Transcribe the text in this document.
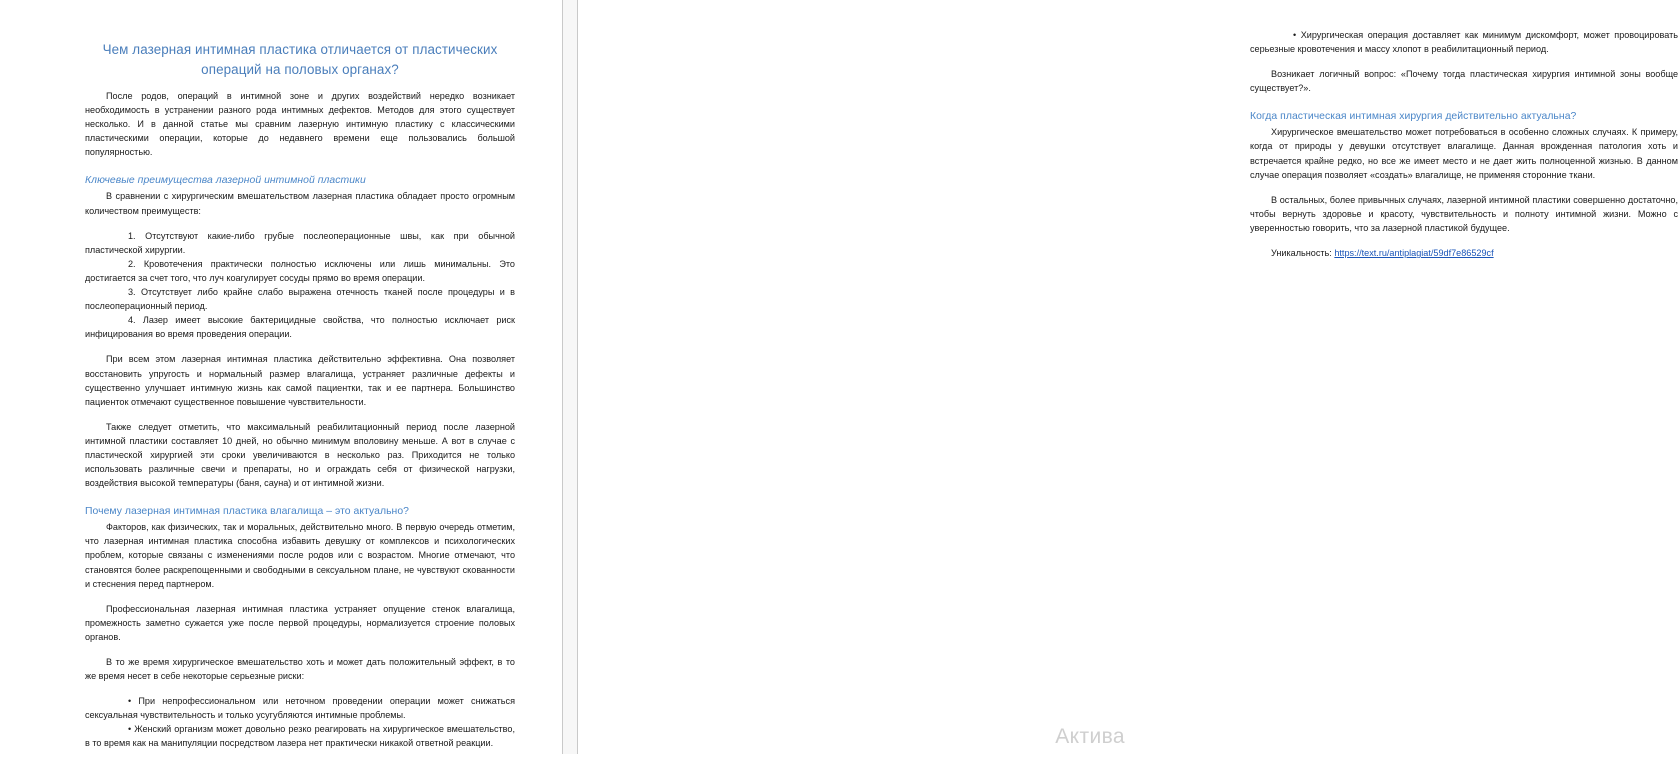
Чем лазерная интимная пластика отличается от пластических операций на половых органах?

После родов, операций в интимной зоне и других воздействий нередко возникает необходимость в устранении разного рода интимных дефектов. Методов для этого существует несколько. И в данной статье мы сравним лазерную интимную пластику с классическими пластическими операции, которые до недавнего времени еще пользовались большой популярностью.

Ключевые преимущества лазерной интимной пластики

В сравнении с хирургическим вмешательством лазерная пластика обладает просто огромным количеством преимуществ:

1. Отсутствуют какие-либо грубые послеоперационные швы, как при обычной пластической хирургии.
2. Кровотечения практически полностью исключены или лишь минимальны. Это достигается за счет того, что луч коагулирует сосуды прямо во время операции.
3. Отсутствует либо крайне слабо выражена отечность тканей после процедуры и в послеоперационный период.
4. Лазер имеет высокие бактерицидные свойства, что полностью исключает риск инфицирования во время проведения операции.

При всем этом лазерная интимная пластика действительно эффективна. Она позволяет восстановить упругость и нормальный размер влагалища, устраняет различные дефекты и существенно улучшает интимную жизнь как самой пациентки, так и ее партнера. Большинство пациенток отмечают существенное повышение чувствительности.

Также следует отметить, что максимальный реабилитационный период после лазерной интимной пластики составляет 10 дней, но обычно минимум вполовину меньше. А вот в случае с пластической хирургией эти сроки увеличиваются в несколько раз. Приходится не только использовать различные свечи и препараты, но и ограждать себя от физической нагрузки, воздействия высокой температуры (баня, сауна) и от интимной жизни.

Почему лазерная интимная пластика влагалища – это актуально?

Факторов, как физических, так и моральных, действительно много. В первую очередь отметим, что лазерная интимная пластика способна избавить девушку от комплексов и психологических проблем, которые связаны с изменениями после родов или с возрастом. Многие отмечают, что становятся более раскрепощенными и свободными в сексуальном плане, не чувствуют скованности и стеснения перед партнером.

Профессиональная лазерная интимная пластика устраняет опущение стенок влагалища, промежность заметно сужается уже после первой процедуры, нормализуется строение половых органов.

В то же время хирургическое вмешательство хоть и может дать положительный эффект, в то же время несет в себе некоторые серьезные риски:

• При непрофессиональном или неточном проведении операции может снижаться сексуальная чувствительность и только усугубляются интимные проблемы.
• Женский организм может довольно резко реагировать на хирургическое вмешательство, в то время как на манипуляции посредством лазера нет практически никакой ответной реакции.
• Хирургическая операция доставляет как минимум дискомфорт, может провоцировать серьезные кровотечения и массу хлопот в реабилитационный период.

Возникает логичный вопрос: «Почему тогда пластическая хирургия интимной зоны вообще существует?».

Когда пластическая интимная хирургия действительно актуальна?

Хирургическое вмешательство может потребоваться в особенно сложных случаях. К примеру, когда от природы у девушки отсутствует влагалище. Данная врожденная патология хоть и встречается крайне редко, но все же имеет место и не дает жить полноценной жизнью. В данном случае операция позволяет «создать» влагалище, не применяя сторонние ткани.

В остальных, более привычных случаях, лазерной интимной пластики совершенно достаточно, чтобы вернуть здоровье и красоту, чувствительность и полноту интимной жизни. Можно с уверенностью говорить, что за лазерной пластикой будущее.

Уникальность: https://text.ru/antiplagiat/59df7e86529cf

Актива
